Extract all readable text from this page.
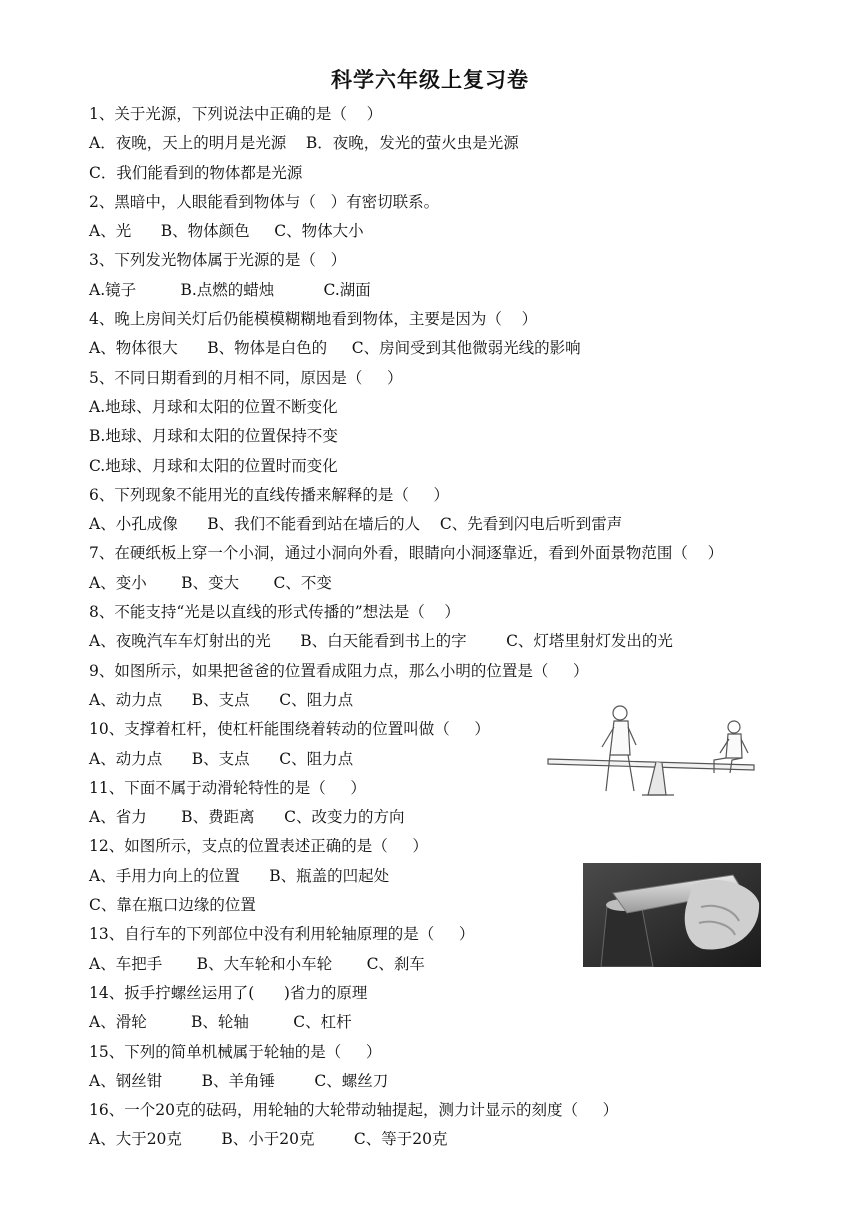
科学六年级上复习卷
1、关于光源，下列说法中正确的是（    ）
A．夜晚，天上的明月是光源    B．夜晚，发光的萤火虫是光源
C．我们能看到的物体都是光源
2、黑暗中，人眼能看到物体与（   ）有密切联系。
A、光      B、物体颜色     C、物体大小
3、下列发光物体属于光源的是（   ）
A.镜子         B.点燃的蜡烛          C.湖面
4、晚上房间关灯后仍能模模糊糊地看到物体，主要是因为（    ）
A、物体很大      B、物体是白色的     C、房间受到其他微弱光线的影响
5、不同日期看到的月相不同，原因是（     ）
A.地球、月球和太阳的位置不断变化
B.地球、月球和太阳的位置保持不变
C.地球、月球和太阳的位置时而变化
6、下列现象不能用光的直线传播来解释的是（     ）
A、小孔成像      B、我们不能看到站在墙后的人    C、先看到闪电后听到雷声
7、在硬纸板上穿一个小洞，通过小洞向外看，眼睛向小洞逐靠近，看到外面景物范围（    ）
A、变小       B、变大       C、不变
8、不能支持“光是以直线的形式传播的”想法是（    ）
A、夜晚汽车车灯射出的光      B、白天能看到书上的字        C、灯塔里射灯发出的光
9、如图所示，如果把爸爸的位置看成阻力点，那么小明的位置是（     ）
A、动力点      B、支点      C、阻力点
10、支撑着杠杆，使杠杆能围绕着转动的位置叫做（     ）
A、动力点      B、支点      C、阻力点
11、下面不属于动滑轮特性的是（     ）
A、省力       B、费距离      C、改变力的方向
12、如图所示，支点的位置表述正确的是（     ）
A、手用力向上的位置      B、瓶盖的凹起处
C、靠在瓶口边缘的位置
13、自行车的下列部位中没有利用轮轴原理的是（     ）
A、车把手       B、大车轮和小车轮       C、刹车
14、扳手拧螺丝运用了(      )省力的原理
A、滑轮         B、轮轴         C、杠杆
15、下列的简单机械属于轮轴的是（     ）
A、钢丝钳        B、羊角锤        C、螺丝刀
16、一个20克的砝码，用轮轴的大轮带动轴提起，测力计显示的刻度（     ）
A、大于20克        B、小于20克        C、等于20克
